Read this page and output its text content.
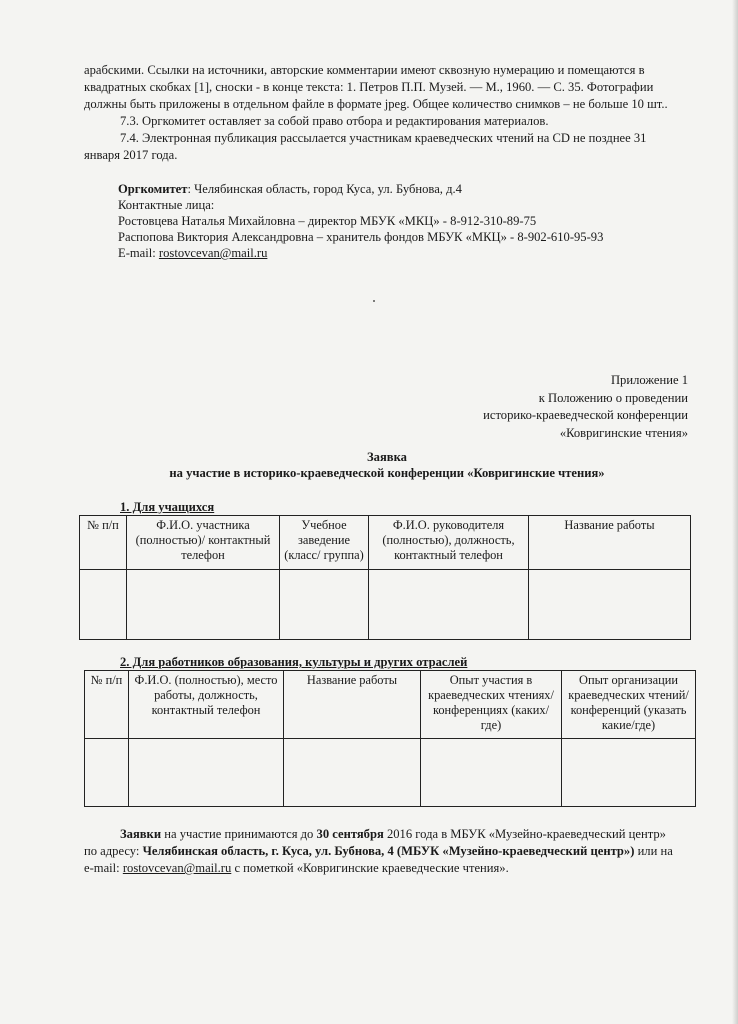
арабскими. Ссылки на источники, авторские комментарии имеют сквозную нумерацию и помещаются в
квадратных скобках [1], сноски - в конце текста: 1. Петров П.П. Музей. — М., 1960. — С. 35. Фотографии
должны быть приложены в отдельном файле в формате jpeg. Общее количество снимков – не больше 10 шт..
7.3. Оргкомитет оставляет за собой право отбора и редактирования материалов.
7.4. Электронная публикация рассылается участникам краеведческих чтений на CD не позднее 31
января 2017 года.
Оргкомитет: Челябинская область, город Куса, ул. Бубнова, д.4
Контактные лица:
Ростовцева Наталья Михайловна – директор МБУК «МКЦ» - 8-912-310-89-75
Распопова Виктория Александровна – хранитель фондов МБУК «МКЦ» - 8-902-610-95-93
E-mail: rostovcevan@mail.ru
Приложение 1
к Положению о проведении
историко-краеведческой конференции
«Ковригинские чтения»
Заявка
на участие в историко-краеведческой конференции «Ковригинские чтения»
1. Для учащихся
№ п/п	Ф.И.О. участника (полностью)/ контактный телефон	Учебное заведение (класс/ группа)	Ф.И.О. руководителя (полностью), должность, контактный телефон	Название работы

2. Для работников образования, культуры и других отраслей
№ п/п	Ф.И.О. (полностью), место работы, должность, контактный телефон	Название работы	Опыт участия в краеведческих чтениях/ конференциях (каких/ где)	Опыт организации краеведческих чтений/ конференций (указать какие/где)

Заявки на участие принимаются до 30 сентября 2016 года в МБУК «Музейно-краеведческий центр»
по адресу: Челябинская область, г. Куса, ул. Бубнова, 4 (МБУК «Музейно-краеведческий центр») или на
e-mail: rostovcevan@mail.ru с пометкой «Ковригинские краеведческие чтения».
